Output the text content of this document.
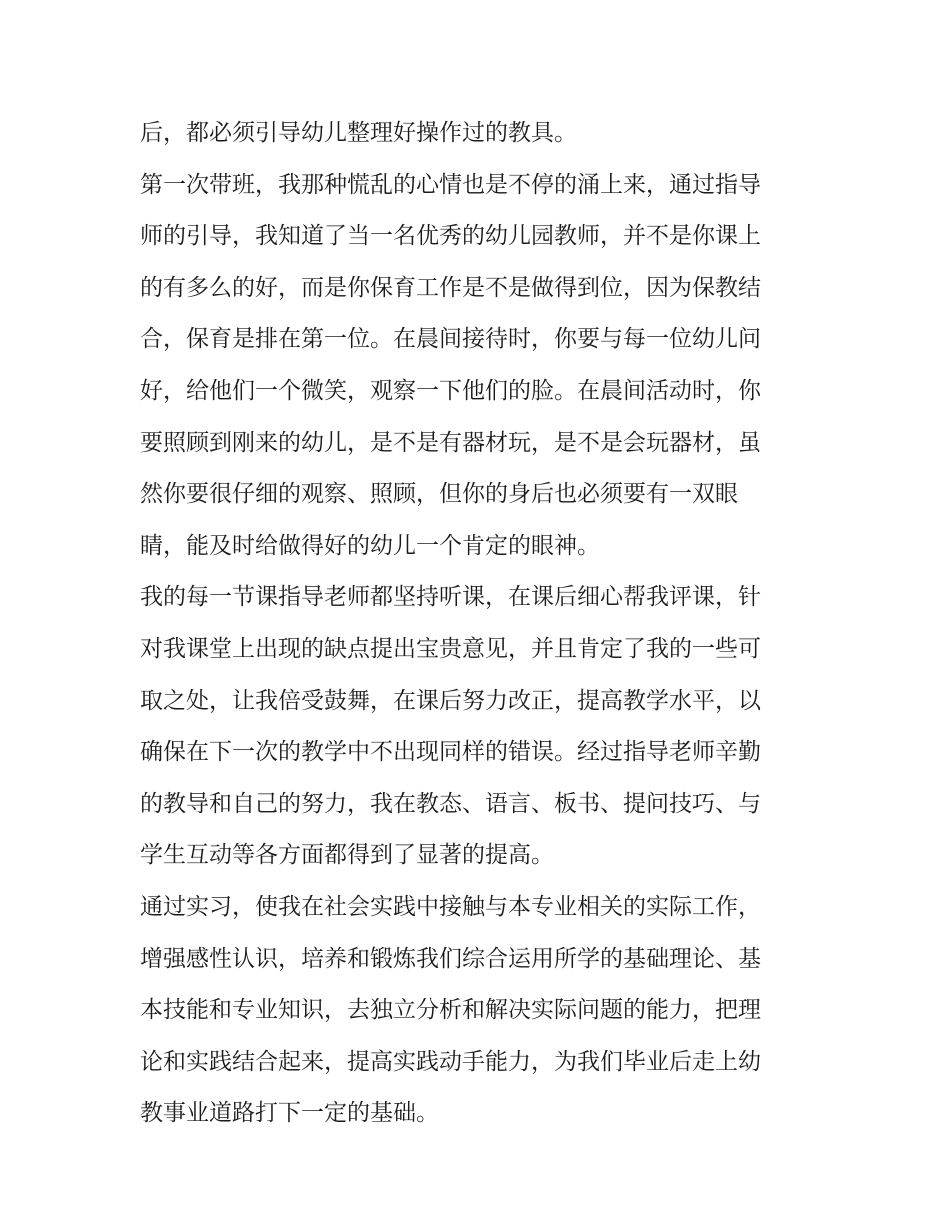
后，都必须引导幼儿整理好操作过的教具。
第一次带班，我那种慌乱的心情也是不停的涌上来，通过指导
师的引导，我知道了当一名优秀的幼儿园教师，并不是你课上
的有多么的好，而是你保育工作是不是做得到位，因为保教结
合，保育是排在第一位。在晨间接待时，你要与每一位幼儿问
好，给他们一个微笑，观察一下他们的脸。在晨间活动时，你
要照顾到刚来的幼儿，是不是有器材玩，是不是会玩器材，虽
然你要很仔细的观察、照顾，但你的身后也必须要有一双眼
睛，能及时给做得好的幼儿一个肯定的眼神。
我的每一节课指导老师都坚持听课，在课后细心帮我评课，针
对我课堂上出现的缺点提出宝贵意见，并且肯定了我的一些可
取之处，让我倍受鼓舞，在课后努力改正，提高教学水平，以
确保在下一次的教学中不出现同样的错误。经过指导老师辛勤
的教导和自己的努力，我在教态、语言、板书、提问技巧、与
学生互动等各方面都得到了显著的提高。
通过实习，使我在社会实践中接触与本专业相关的实际工作，
增强感性认识，培养和锻炼我们综合运用所学的基础理论、基
本技能和专业知识，去独立分析和解决实际问题的能力，把理
论和实践结合起来，提高实践动手能力，为我们毕业后走上幼
教事业道路打下一定的基础。
